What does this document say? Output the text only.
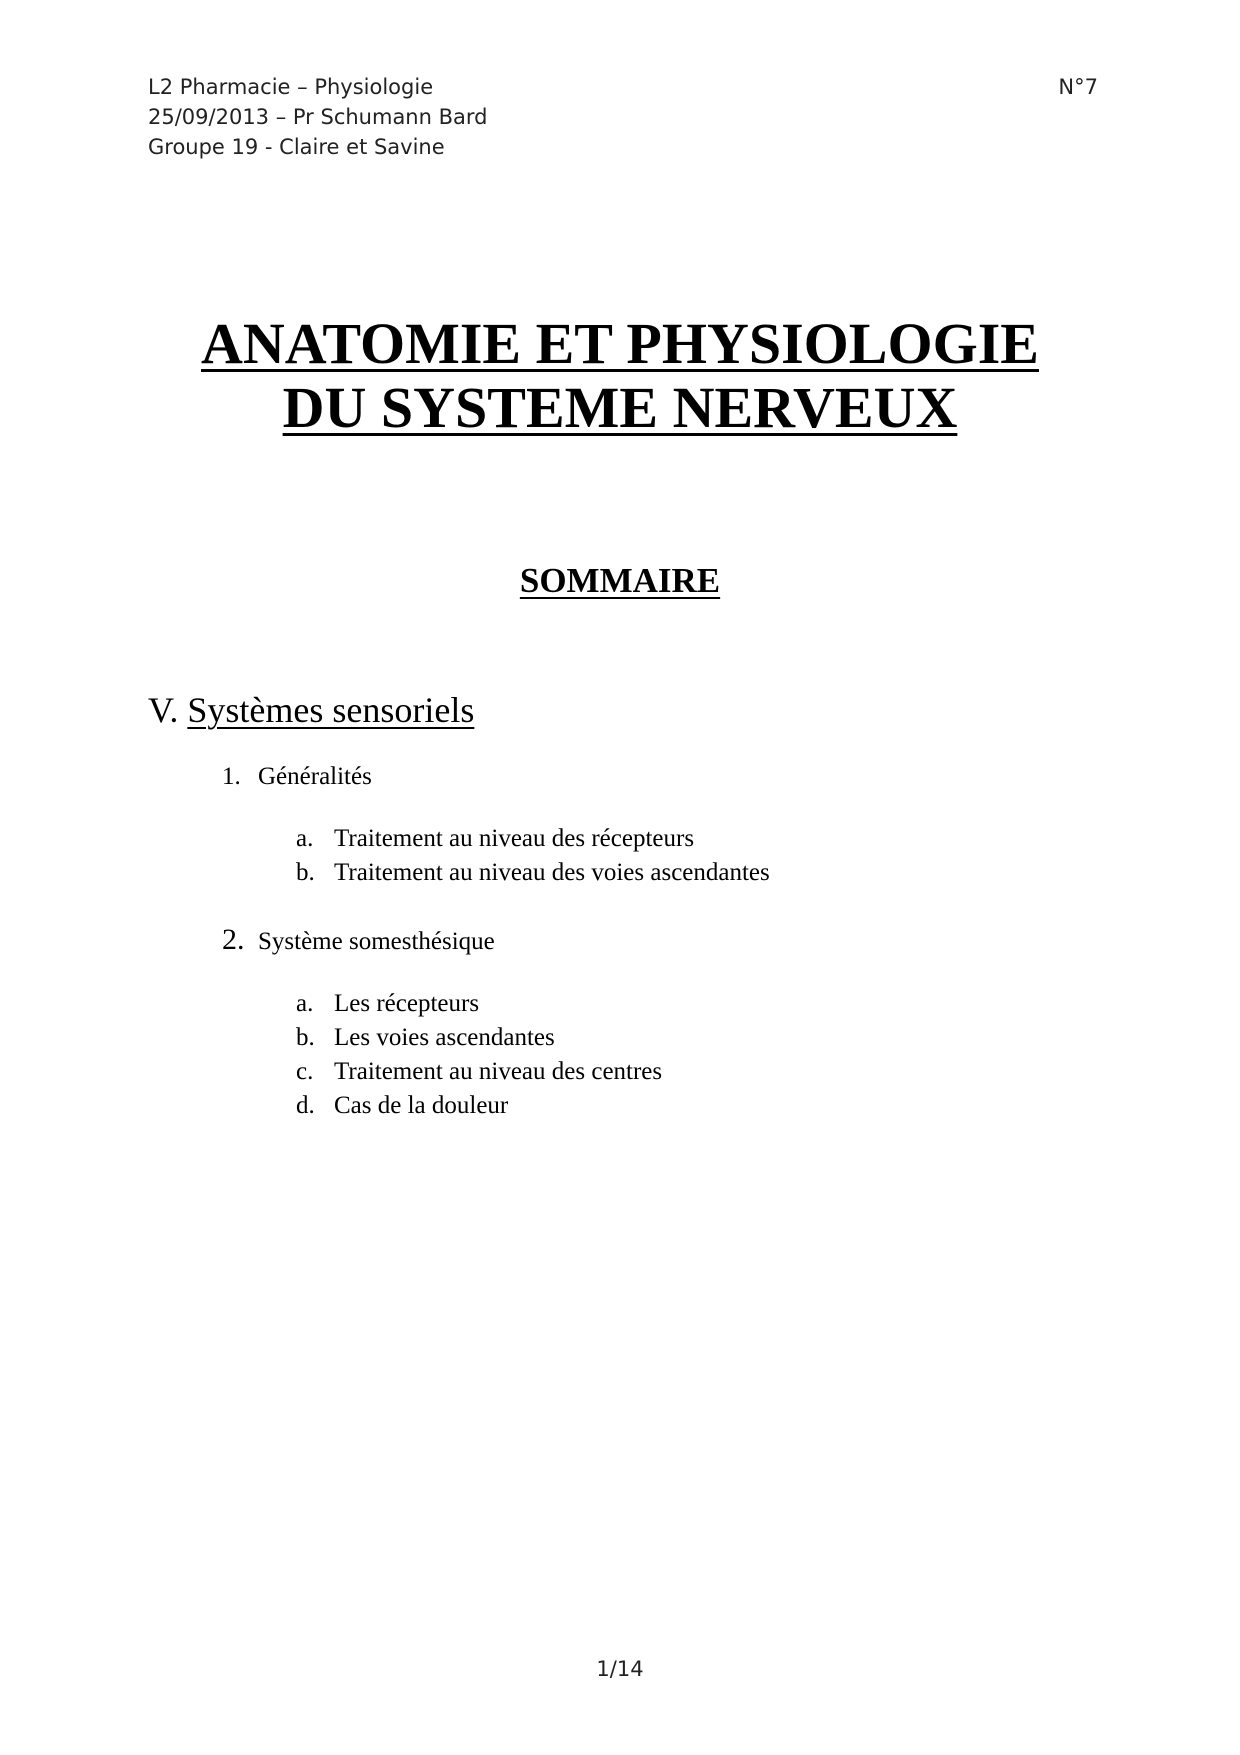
L2 Pharmacie – Physiologie
25/09/2013 – Pr Schumann Bard
Groupe 19 - Claire et Savine
N°7
ANATOMIE ET PHYSIOLOGIE
DU SYSTEME NERVEUX
SOMMAIRE
V. Systèmes sensoriels
1. Généralités
a. Traitement au niveau des récepteurs
b. Traitement au niveau des voies ascendantes
2. Système somesthésique
a. Les récepteurs
b. Les voies ascendantes
c. Traitement au niveau des centres
d. Cas de la douleur
1/14
